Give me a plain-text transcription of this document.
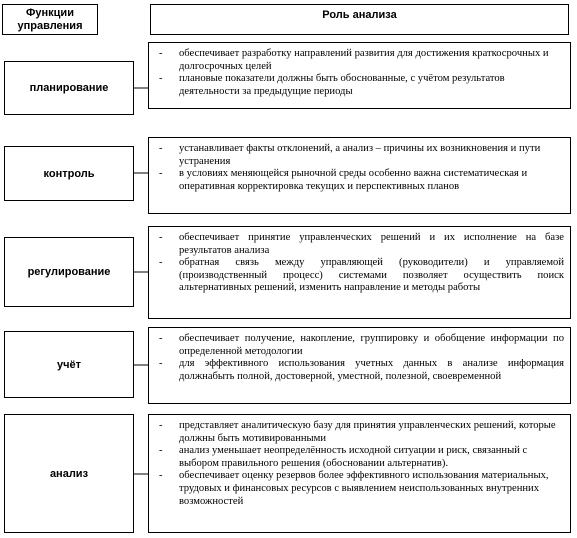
Функции управления
Роль анализа
планирование
- обеспечивает разработку направлений развития для достижения краткосрочных и долгосрочных целей
- плановые показатели должны быть обоснованные, с учётом результатов деятельности за предыдущие периоды
контроль
- устанавливает факты отклонений, а анализ – причины их возникновения и пути устранения
- в условиях меняющейся рыночной среды особенно важна систематическая и оперативная корректировка текущих и перспективных планов
регулирование
- обеспечивает принятие управленческих решений и их исполнение на базе результатов анализа
- обратная связь между управляющей (руководители) и управляемой (производственный процесс) системами позволяет осуществить поиск альтернативных решений, изменить направление и методы работы
учёт
- обеспечивает получение, накопление, группировку и обобщение информации по определенной методологии
- для эффективного использования учетных данных в анализе информация должнабыть полной, достоверной, уместной, полезной, своевременной
анализ
- представляет аналитическую базу для принятия управленческих решений, которые должны быть мотивированными
- анализ уменьшает неопределённость исходной ситуации и риск, связанный с выбором правильного решения (обосновании альтернатив).
- обеспечивает оценку резервов более эффективного использования материальных, трудовых и финансовых ресурсов с выявлением неиспользованных внутренних возможностей
